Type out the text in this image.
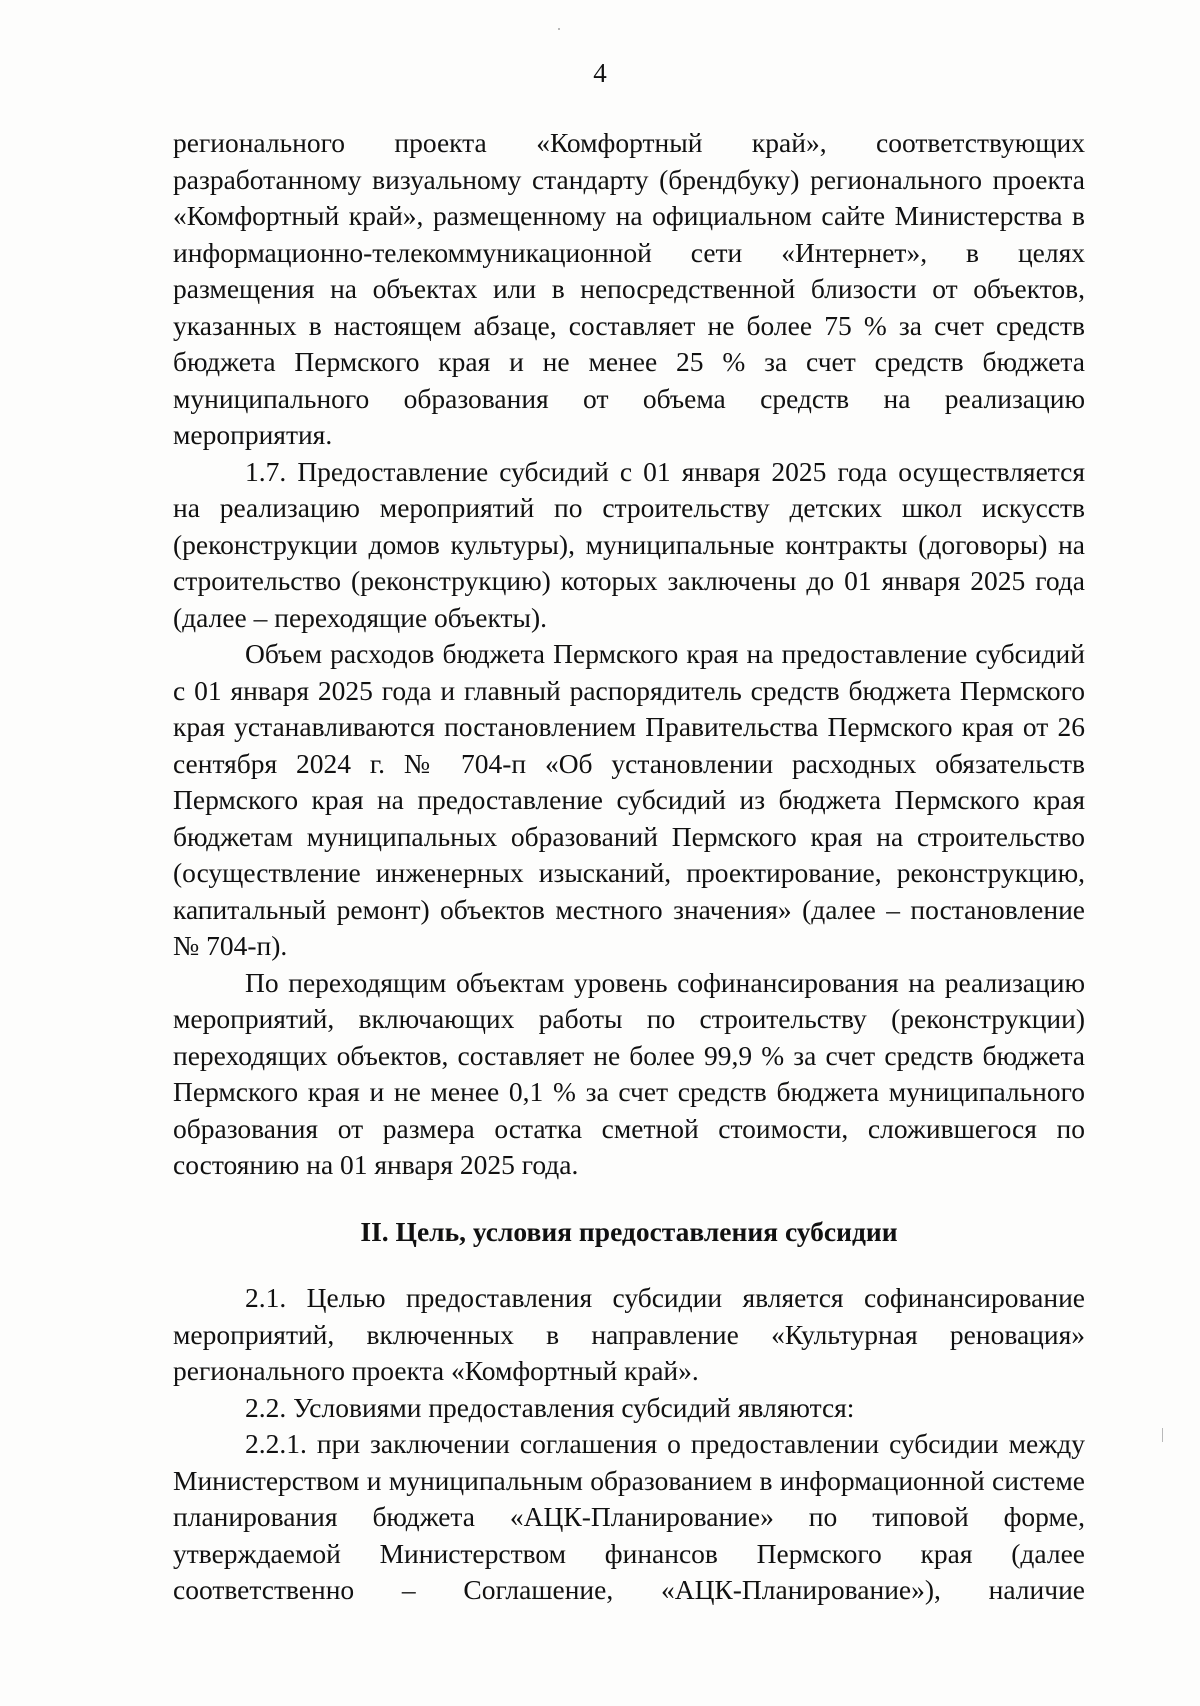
4

регионального проекта «Комфортный край», соответствующих разработанному визуальному стандарту (брендбуку) регионального проекта «Комфортный край», размещенному на официальном сайте Министерства в информационно-телекоммуникационной сети «Интернет», в целях размещения на объектах или в непосредственной близости от объектов, указанных в настоящем абзаце, составляет не более 75 % за счет средств бюджета Пермского края и не менее 25 % за счет средств бюджета муниципального образования от объема средств на реализацию мероприятия.

1.7. Предоставление субсидий с 01 января 2025 года осуществляется на реализацию мероприятий по строительству детских школ искусств (реконструкции домов культуры), муниципальные контракты (договоры) на строительство (реконструкцию) которых заключены до 01 января 2025 года (далее – переходящие объекты).

Объем расходов бюджета Пермского края на предоставление субсидий с 01 января 2025 года и главный распорядитель средств бюджета Пермского края устанавливаются постановлением Правительства Пермского края от 26 сентября 2024 г. № 704-п «Об установлении расходных обязательств Пермского края на предоставление субсидий из бюджета Пермского края бюджетам муниципальных образований Пермского края на строительство (осуществление инженерных изысканий, проектирование, реконструкцию, капитальный ремонт) объектов местного значения» (далее – постановление № 704-п).

По переходящим объектам уровень софинансирования на реализацию мероприятий, включающих работы по строительству (реконструкции) переходящих объектов, составляет не более 99,9 % за счет средств бюджета Пермского края и не менее 0,1 % за счет средств бюджета муниципального образования от размера остатка сметной стоимости, сложившегося по состоянию на 01 января 2025 года.

II. Цель, условия предоставления субсидии

2.1. Целью предоставления субсидии является софинансирование мероприятий, включенных в направление «Культурная реновация» регионального проекта «Комфортный край».

2.2. Условиями предоставления субсидий являются:

2.2.1. при заключении соглашения о предоставлении субсидии между Министерством и муниципальным образованием в информационной системе планирования бюджета «АЦК-Планирование» по типовой форме, утверждаемой Министерством финансов Пермского края (далее соответственно – Соглашение, «АЦК-Планирование»), наличие
